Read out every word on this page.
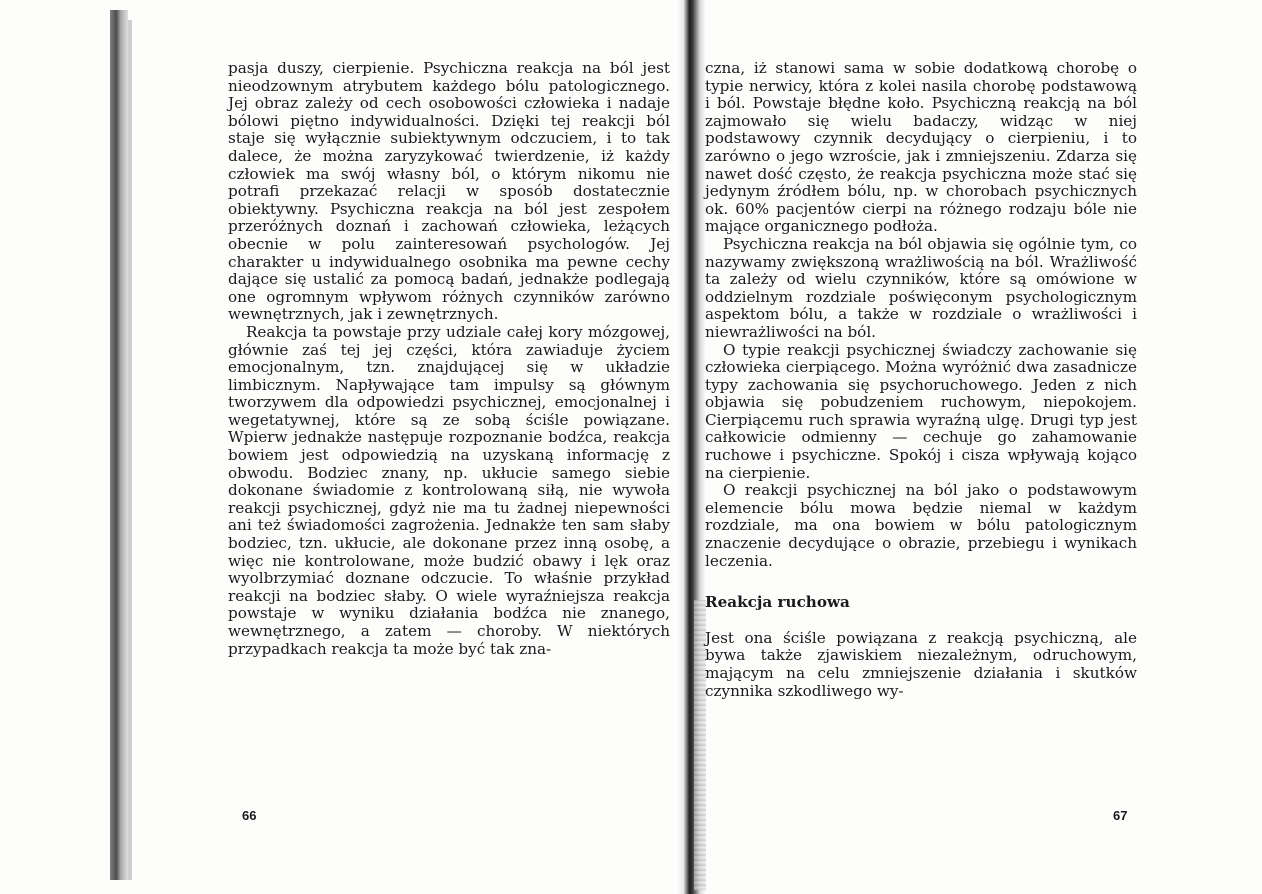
pasja duszy, cierpienie. Psychiczna reakcja na ból jest nieodzownym atrybutem każdego bólu patologicznego. Jej obraz zależy od cech osobowości człowieka i nadaje bólowi piętno indywidualności. Dzięki tej reakcji ból staje się wyłącznie subiektywnym odczuciem, i to tak dalece, że można zaryzykować twierdzenie, iż każdy człowiek ma swój własny ból, o którym nikomu nie potrafi przekazać relacji w sposób dostatecznie obiektywny. Psychiczna reakcja na ból jest zespołem przeróżnych doznań i zachowań człowieka, leżących obecnie w polu zainteresowań psychologów. Jej charakter u indywidualnego osobnika ma pewne cechy dające się ustalić za pomocą badań, jednakże podlegają one ogromnym wpływom różnych czynników zarówno wewnętrznych, jak i zewnętrznych.

Reakcja ta powstaje przy udziale całej kory mózgowej, głównie zaś tej jej części, która zawiaduje życiem emocjonalnym, tzn. znajdującej się w układzie limbicznym. Napływające tam impulsy są głównym tworzywem dla odpowiedzi psychicznej, emocjonalnej i wegetatywnej, które są ze sobą ściśle powiązane. Wpierw jednakże następuje rozpoznanie bodźca, reakcja bowiem jest odpowiedzią na uzyskaną informację z obwodu. Bodziec znany, np. ukłucie samego siebie dokonane świadomie z kontrolowaną siłą, nie wywoła reakcji psychicznej, gdyż nie ma tu żadnej niepewności ani też świadomości zagrożenia. Jednakże ten sam słaby bodziec, tzn. ukłucie, ale dokonane przez inną osobę, a więc nie kontrolowane, może budzić obawy i lęk oraz wyolbrzymiać doznane odczucie. To właśnie przykład reakcji na bodziec słaby. O wiele wyraźniejsza reakcja powstaje w wyniku działania bodźca nie znanego, wewnętrznego, a zatem — choroby. W niektórych przypadkach reakcja ta może być tak zna-

66

czna, iż stanowi sama w sobie dodatkową chorobę o typie nerwicy, która z kolei nasila chorobę podstawową i ból. Powstaje błędne koło. Psychiczną reakcją na ból zajmowało się wielu badaczy, widząc w niej podstawowy czynnik decydujący o cierpieniu, i to zarówno o jego wzroście, jak i zmniejszeniu. Zdarza się nawet dość często, że reakcja psychiczna może stać się jedynym źródłem bólu, np. w chorobach psychicznych ok. 60% pacjentów cierpi na różnego rodzaju bóle nie mające organicznego podłoża.

Psychiczna reakcja na ból objawia się ogólnie tym, co nazywamy zwiększoną wrażliwością na ból. Wrażliwość ta zależy od wielu czynników, które są omówione w oddzielnym rozdziale poświęconym psychologicznym aspektom bólu, a także w rozdziale o wrażliwości i niewrażliwości na ból.

O typie reakcji psychicznej świadczy zachowanie się człowieka cierpiącego. Można wyróżnić dwa zasadnicze typy zachowania się psychoruchowego. Jeden z nich objawia się pobudzeniem ruchowym, niepokojem. Cierpiącemu ruch sprawia wyraźną ulgę. Drugi typ jest całkowicie odmienny — cechuje go zahamowanie ruchowe i psychiczne. Spokój i cisza wpływają kojąco na cierpienie.

O reakcji psychicznej na ból jako o podstawowym elemencie bólu mowa będzie niemal w każdym rozdziale, ma ona bowiem w bólu patologicznym znaczenie decydujące o obrazie, przebiegu i wynikach leczenia.

Reakcja ruchowa

Jest ona ściśle powiązana z reakcją psychiczną, ale bywa także zjawiskiem niezależnym, odruchowym, mającym na celu zmniejszenie działania i skutków czynnika szkodliwego wy-

67
